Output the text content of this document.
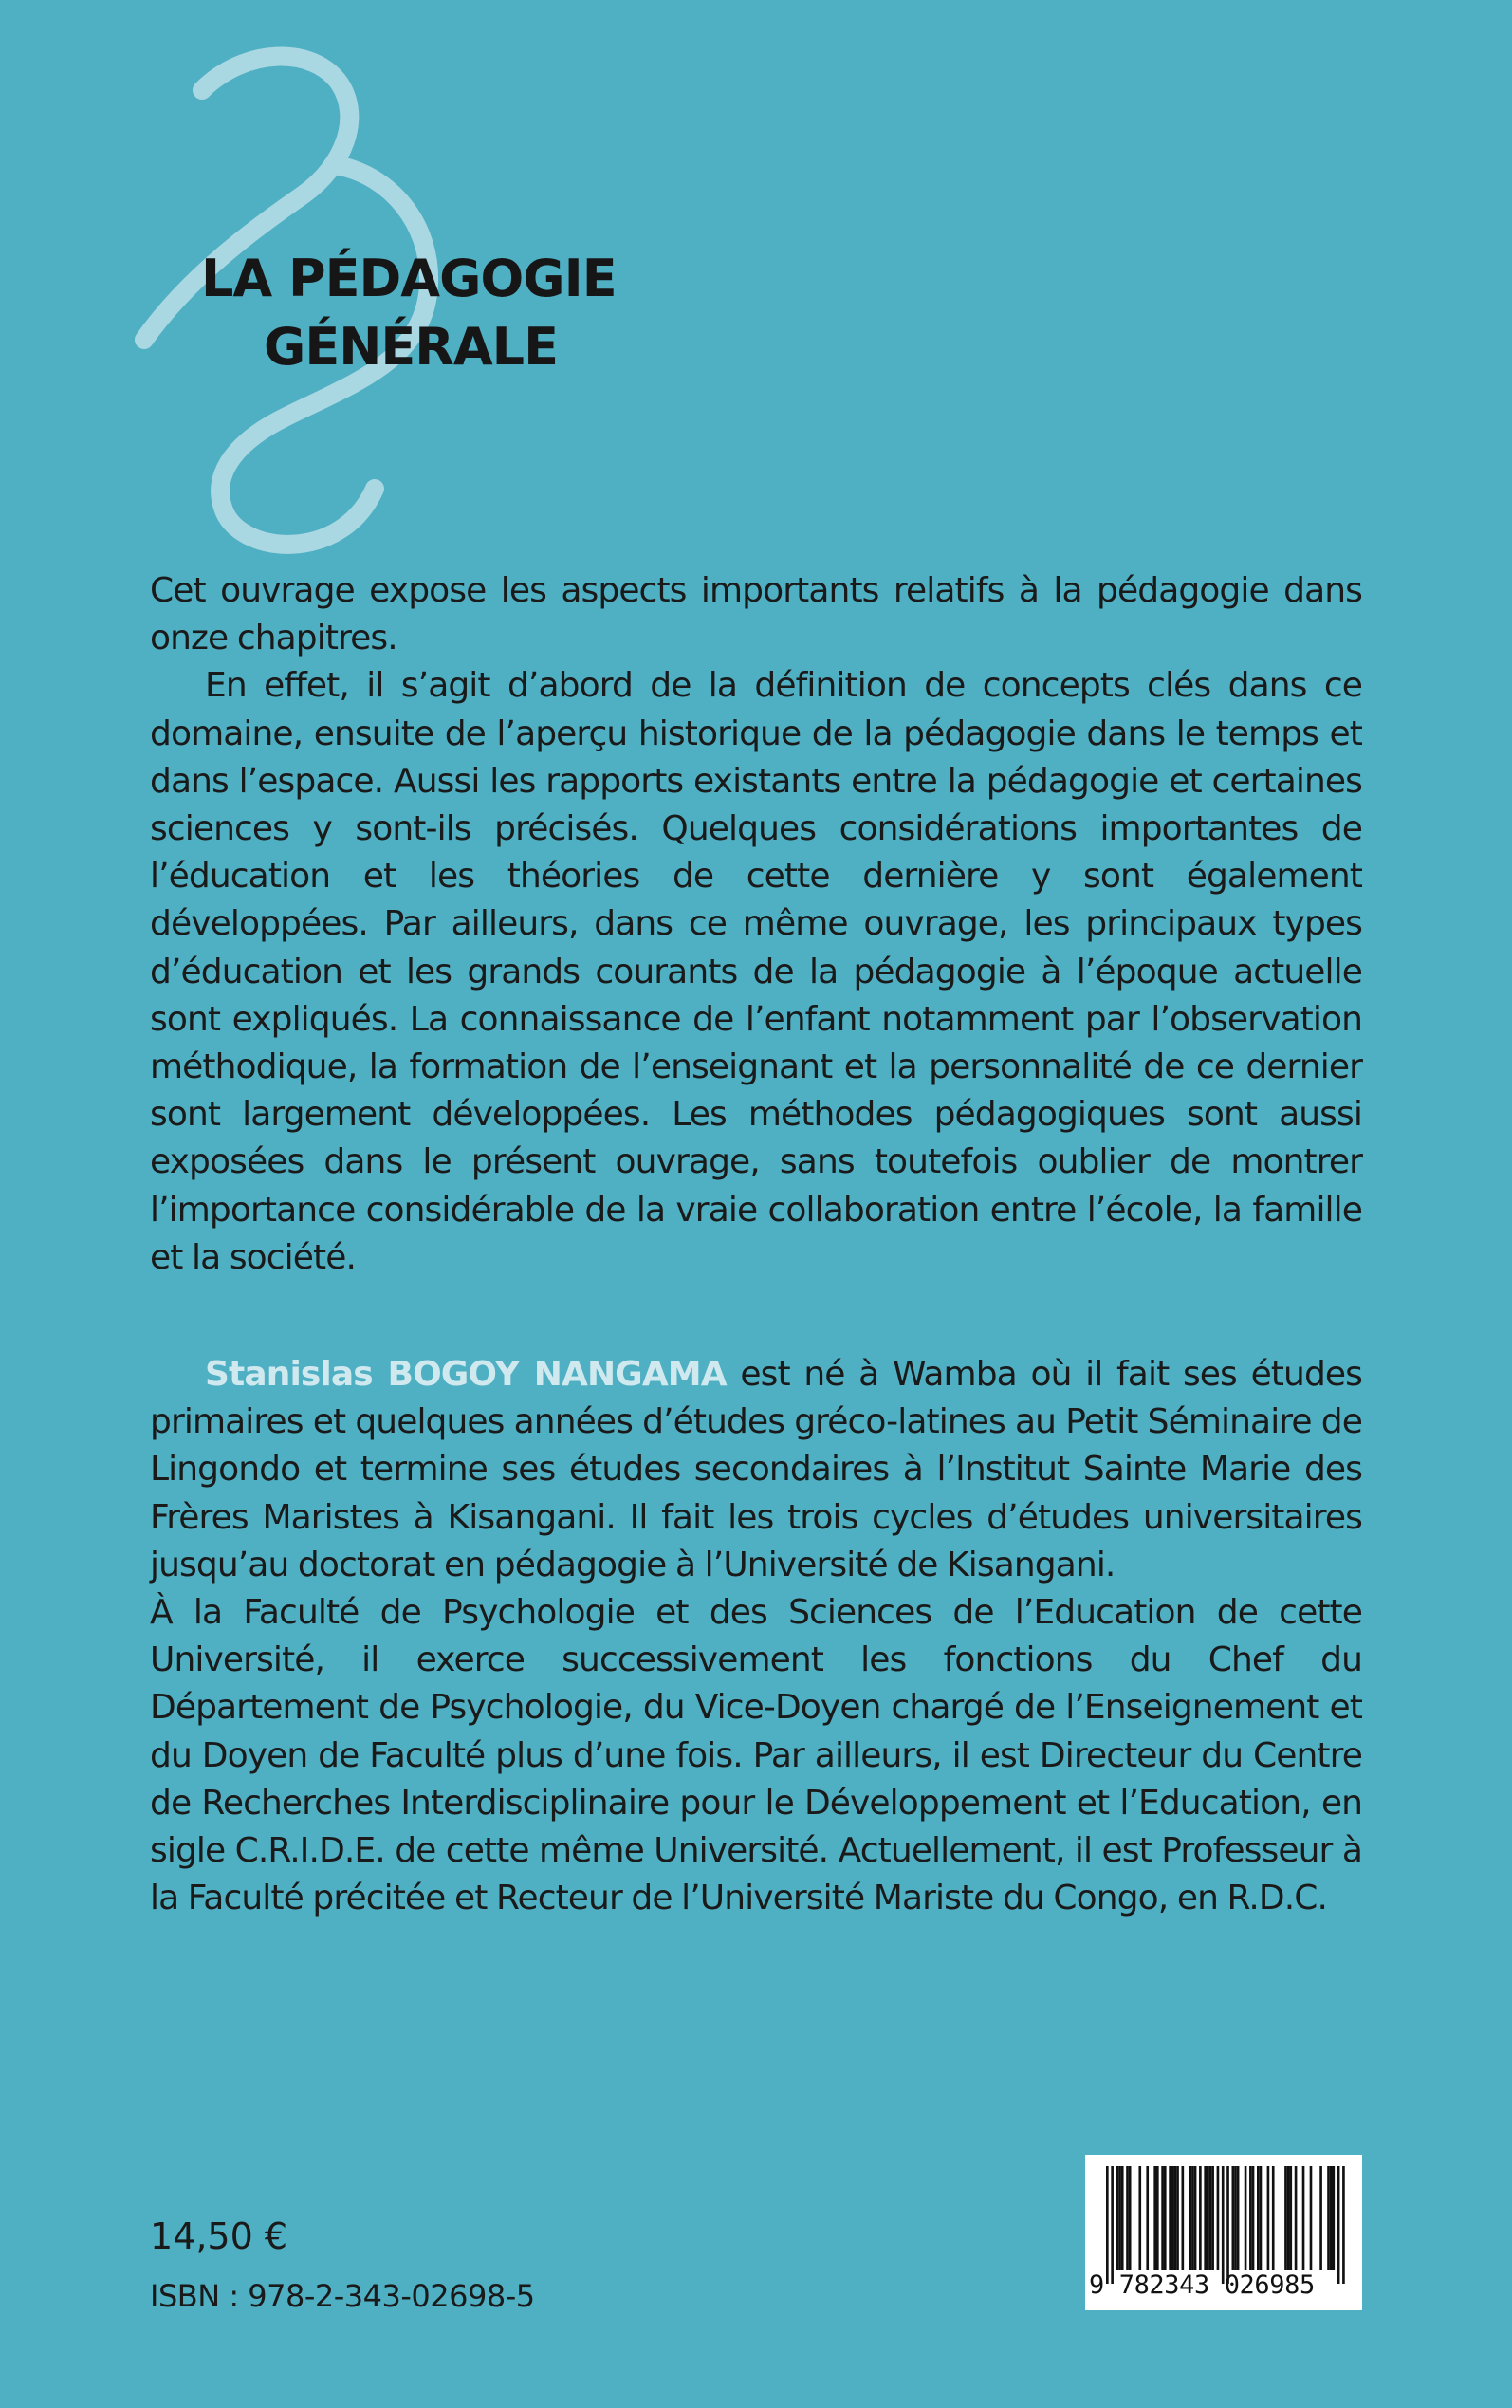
LA PÉDAGOGIE
GÉNÉRALE

Cet ouvrage expose les aspects importants relatifs à la pédagogie dans onze chapitres.

En effet, il s’agit d’abord de la définition de concepts clés dans ce domaine, ensuite de l’aperçu historique de la pédagogie dans le temps et dans l’espace. Aussi les rapports existants entre la pédagogie et certaines sciences y sont-ils précisés. Quelques considérations importantes de l’éducation et les théories de cette dernière y sont également développées. Par ailleurs, dans ce même ouvrage, les principaux types d’éducation et les grands courants de la pédagogie à l’époque actuelle sont expliqués. La connaissance de l’enfant notamment par l’observation méthodique, la formation de l’enseignant et la personnalité de ce dernier sont largement développées. Les méthodes pédagogiques sont aussi exposées dans le présent ouvrage, sans toutefois oublier de montrer l’importance considérable de la vraie collaboration entre l’école, la famille et la société.

Stanislas BOGOY NANGAMA est né à Wamba où il fait ses études primaires et quelques années d’études gréco-latines au Petit Séminaire de Lingondo et termine ses études secondaires à l’Institut Sainte Marie des Frères Maristes à Kisangani. Il fait les trois cycles d’études universitaires jusqu’au doctorat en pédagogie à l’Université de Kisangani.

À la Faculté de Psychologie et des Sciences de l’Education de cette Université, il exerce successivement les fonctions du Chef du Département de Psychologie, du Vice-Doyen chargé de l’Enseignement et du Doyen de Faculté plus d’une fois. Par ailleurs, il est Directeur du Centre de Recherches Interdisciplinaire pour le Développement et l’Education, en sigle C.R.I.D.E. de cette même Université. Actuellement, il est Professeur à la Faculté précitée et Recteur de l’Université Mariste du Congo, en R.D.C.

14,50 €
ISBN : 978-2-343-02698-5	9 782343 026985
